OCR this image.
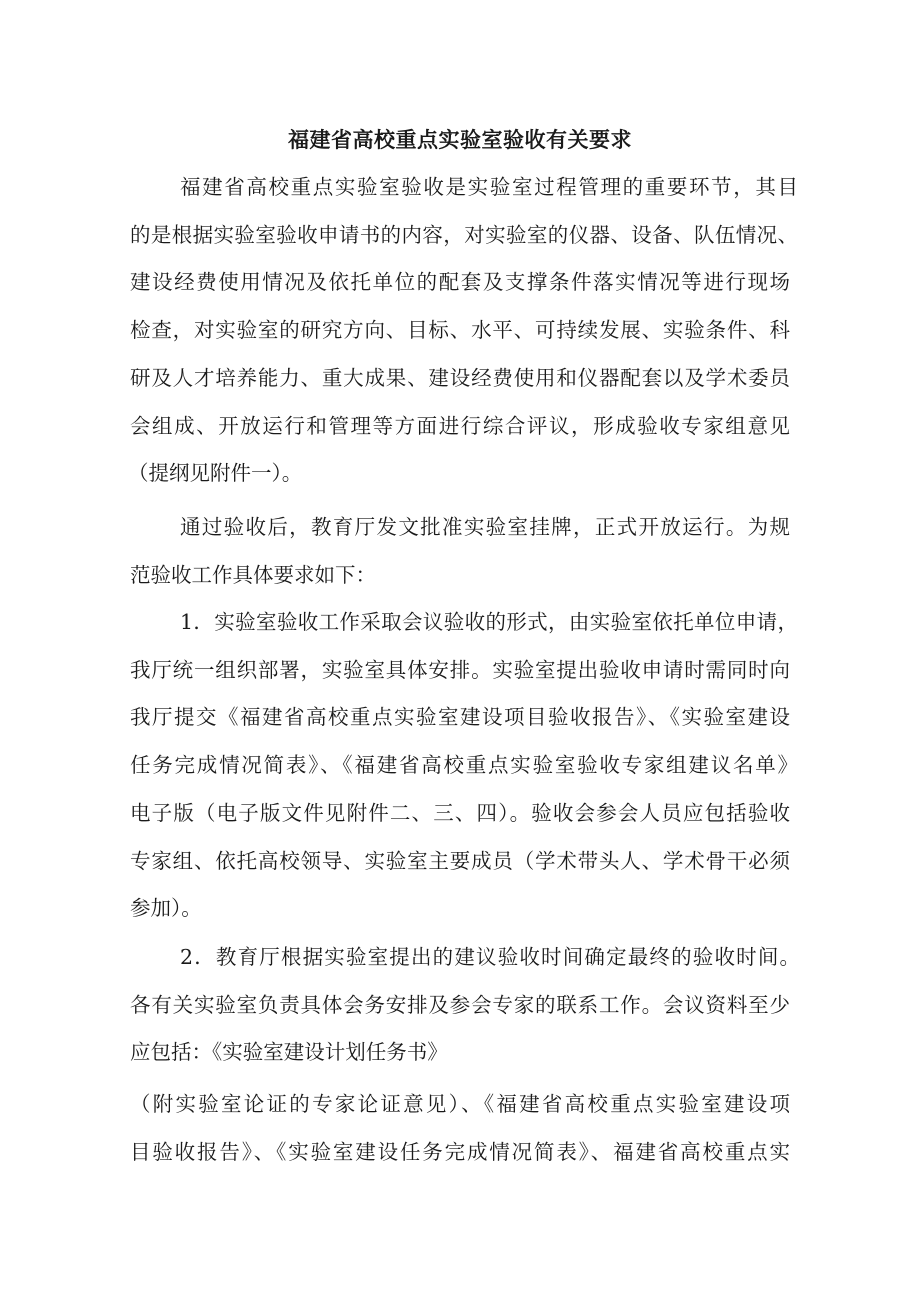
福建省高校重点实验室验收有关要求

福建省高校重点实验室验收是实验室过程管理的重要环节，其目

的是根据实验室验收申请书的内容，对实验室的仪器、设备、队伍情况、

建设经费使用情况及依托单位的配套及支撑条件落实情况等进行现场

检查，对实验室的研究方向、目标、水平、可持续发展、实验条件、科

研及人才培养能力、重大成果、建设经费使用和仪器配套以及学术委员

会组成、开放运行和管理等方面进行综合评议，形成验收专家组意见

（提纲见附件一）。

通过验收后，教育厅发文批准实验室挂牌，正式开放运行。为规

范验收工作具体要求如下：

1．实验室验收工作采取会议验收的形式，由实验室依托单位申请，

我厅统一组织部署，实验室具体安排。实验室提出验收申请时需同时向

我厅提交《福建省高校重点实验室建设项目验收报告》、《实验室建设

任务完成情况简表》、《福建省高校重点实验室验收专家组建议名单》

电子版（电子版文件见附件二、三、四）。验收会参会人员应包括验收

专家组、依托高校领导、实验室主要成员（学术带头人、学术骨干必须

参加）。

2．教育厅根据实验室提出的建议验收时间确定最终的验收时间。

各有关实验室负责具体会务安排及参会专家的联系工作。会议资料至少

应包括：《实验室建设计划任务书》

（附实验室论证的专家论证意见）、《福建省高校重点实验室建设项

目验收报告》、《实验室建设任务完成情况简表》、福建省高校重点实
